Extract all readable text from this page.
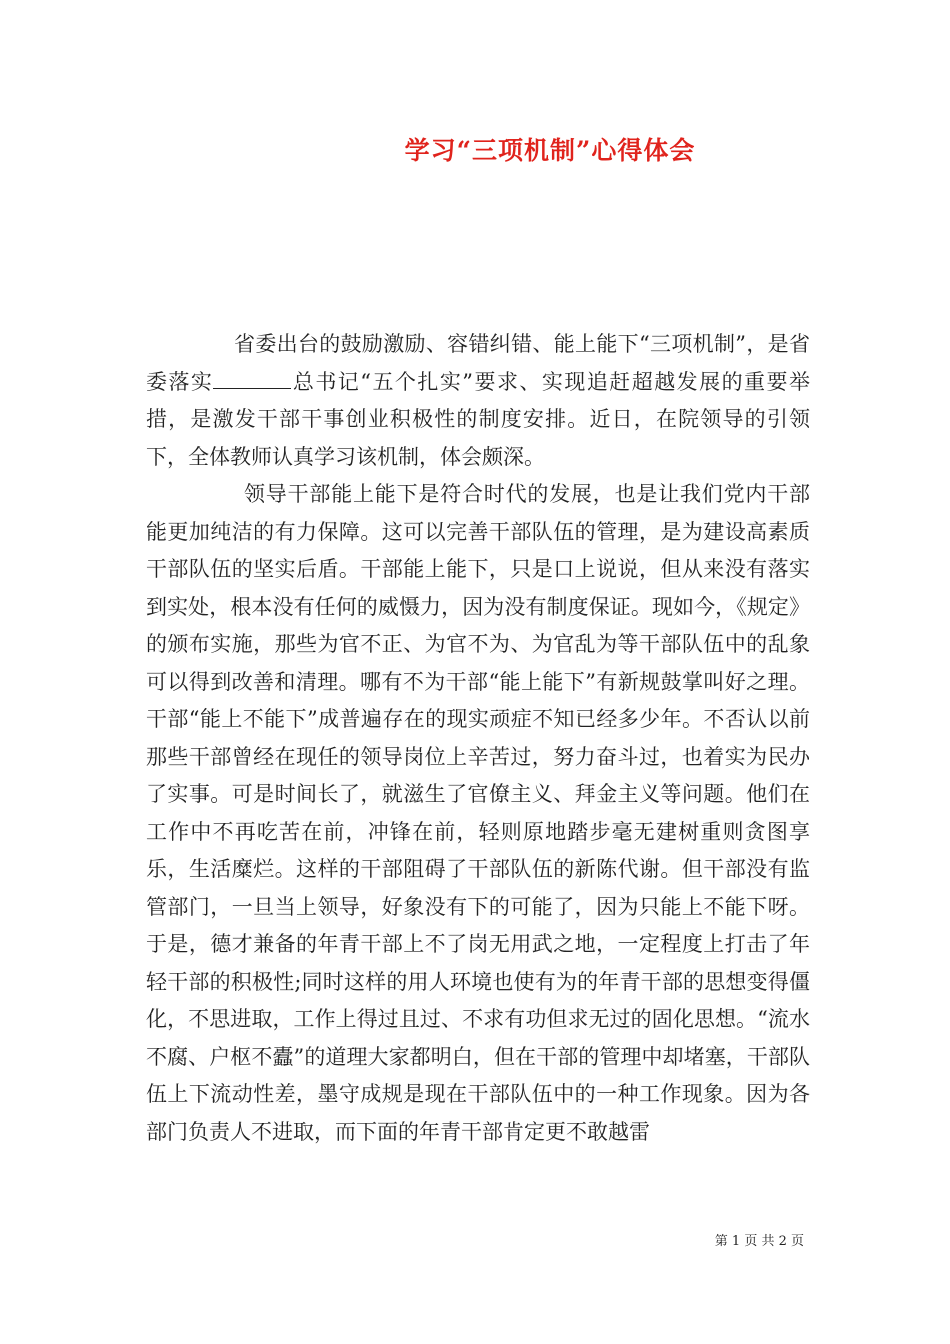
学习“三项机制”心得体会

省委出台的鼓励激励、容错纠错、能上能下“三项机制”，是省委落实	总书记“五个扎实”要求、实现追赶超越发展的重要举措，是激发干部干事创业积极性的制度安排。近日，在院领导的引领下，全体教师认真学习该机制，体会颇深。

领导干部能上能下是符合时代的发展，也是让我们党内干部能更加纯洁的有力保障。这可以完善干部队伍的管理，是为建设高素质干部队伍的坚实后盾。干部能上能下，只是口上说说，但从来没有落实到实处，根本没有任何的威慑力，因为没有制度保证。现如今，《规定》的颁布实施，那些为官不正、为官不为、为官乱为等干部队伍中的乱象可以得到改善和清理。哪有不为干部“能上能下”有新规鼓掌叫好之理。干部“能上不能下”成普遍存在的现实顽症不知已经多少年。不否认以前那些干部曾经在现任的领导岗位上辛苦过，努力奋斗过，也着实为民办了实事。可是时间长了，就滋生了官僚主义、拜金主义等问题。他们在工作中不再吃苦在前，冲锋在前，轻则原地踏步毫无建树重则贪图享乐，生活糜烂。这样的干部阻碍了干部队伍的新陈代谢。但干部没有监管部门，一旦当上领导，好象没有下的可能了，因为只能上不能下呀。于是，德才兼备的年青干部上不了岗无用武之地，一定程度上打击了年轻干部的积极性;同时这样的用人环境也使有为的年青干部的思想变得僵化，不思进取，工作上得过且过、不求有功但求无过的固化思想。“流水不腐、户枢不蠹”的道理大家都明白，但在干部的管理中却堵塞，干部队伍上下流动性差，墨守成规是现在干部队伍中的一种工作现象。因为各部门负责人不进取，而下面的年青干部肯定更不敢越雷

第 1 页 共 2 页
